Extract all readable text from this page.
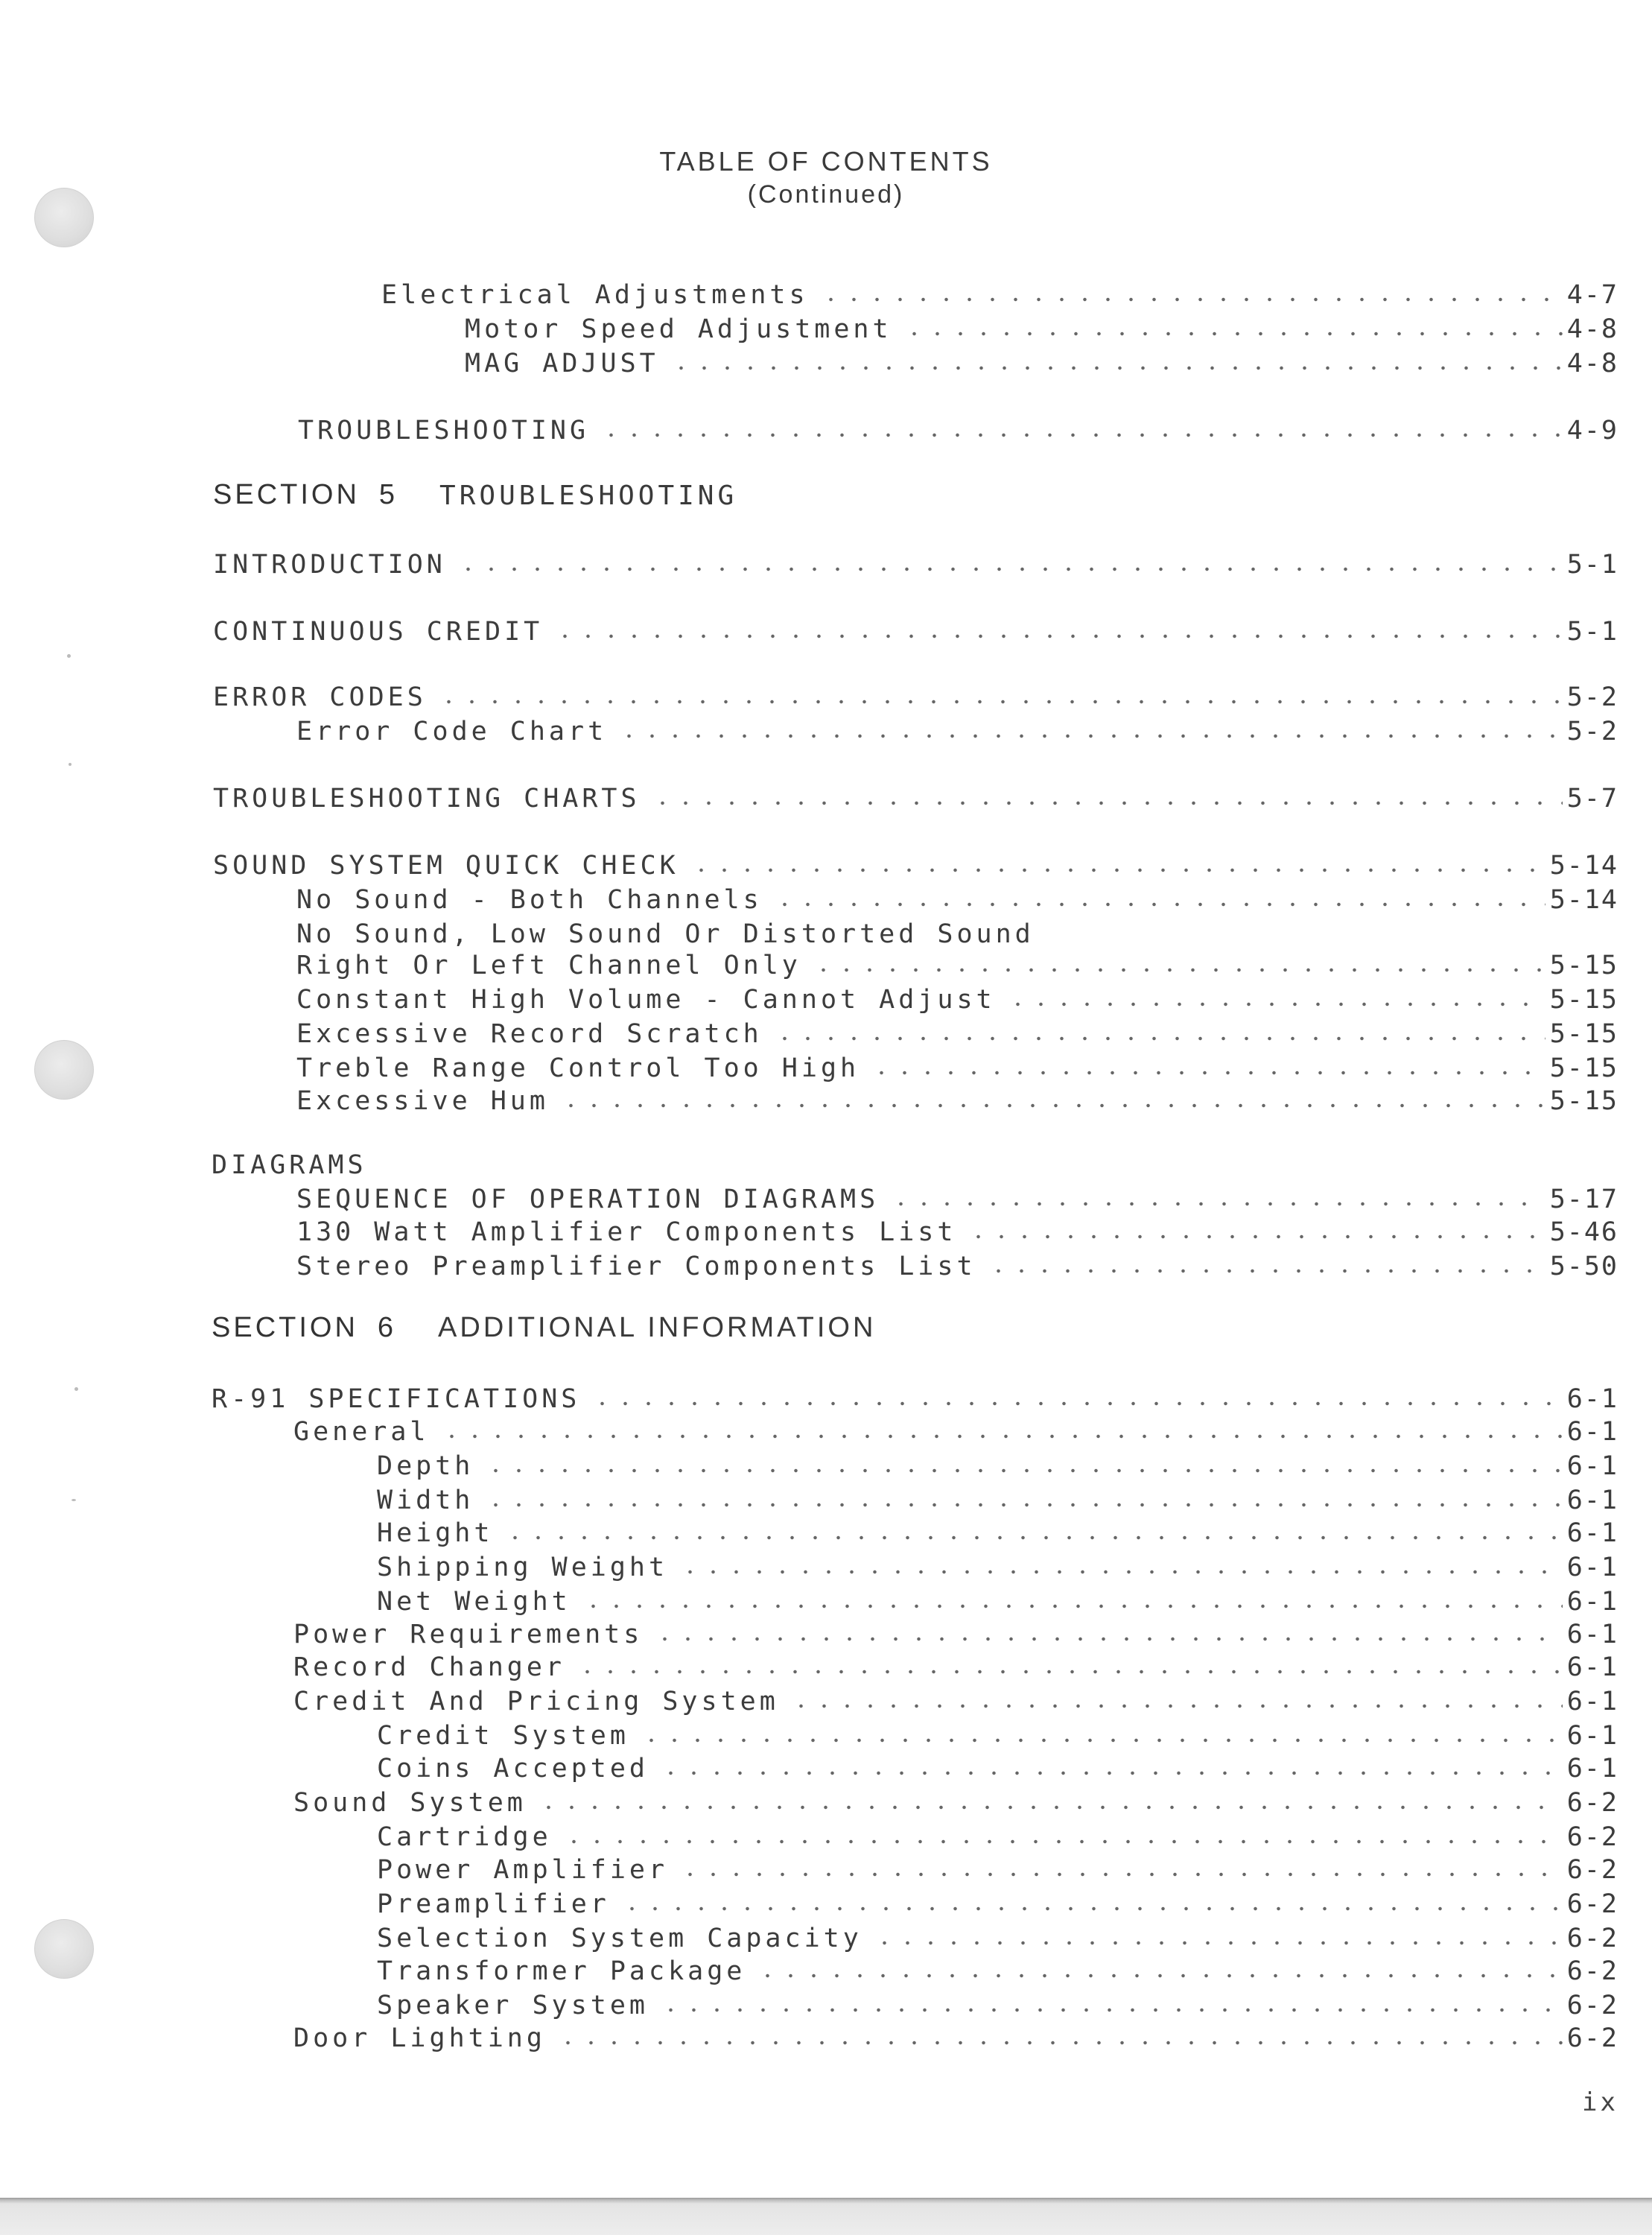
TABLE OF CONTENTS
(Continued)
Electrical Adjustments	4-7
Motor Speed Adjustment	4-8
MAG ADJUST	4-8
TROUBLESHOOTING	4-9
SECTION 5 TROUBLESHOOTING
INTRODUCTION	5-1
CONTINUOUS CREDIT	5-1
ERROR CODES	5-2
Error Code Chart	5-2
TROUBLESHOOTING CHARTS	5-7
SOUND SYSTEM QUICK CHECK	5-14
No Sound - Both Channels	5-14
No Sound, Low Sound Or Distorted Sound
Right Or Left Channel Only	5-15
Constant High Volume - Cannot Adjust	5-15
Excessive Record Scratch	5-15
Treble Range Control Too High	5-15
Excessive Hum	5-15
DIAGRAMS
SEQUENCE OF OPERATION DIAGRAMS	5-17
130 Watt Amplifier Components List	5-46
Stereo Preamplifier Components List	5-50
SECTION 6 ADDITIONAL INFORMATION
R-91 SPECIFICATIONS	6-1
General	6-1
Depth	6-1
Width	6-1
Height	6-1
Shipping Weight	6-1
Net Weight	6-1
Power Requirements	6-1
Record Changer	6-1
Credit And Pricing System	6-1
Credit System	6-1
Coins Accepted	6-1
Sound System	6-2
Cartridge	6-2
Power Amplifier	6-2
Preamplifier	6-2
Selection System Capacity	6-2
Transformer Package	6-2
Speaker System	6-2
Door Lighting	6-2
ix
